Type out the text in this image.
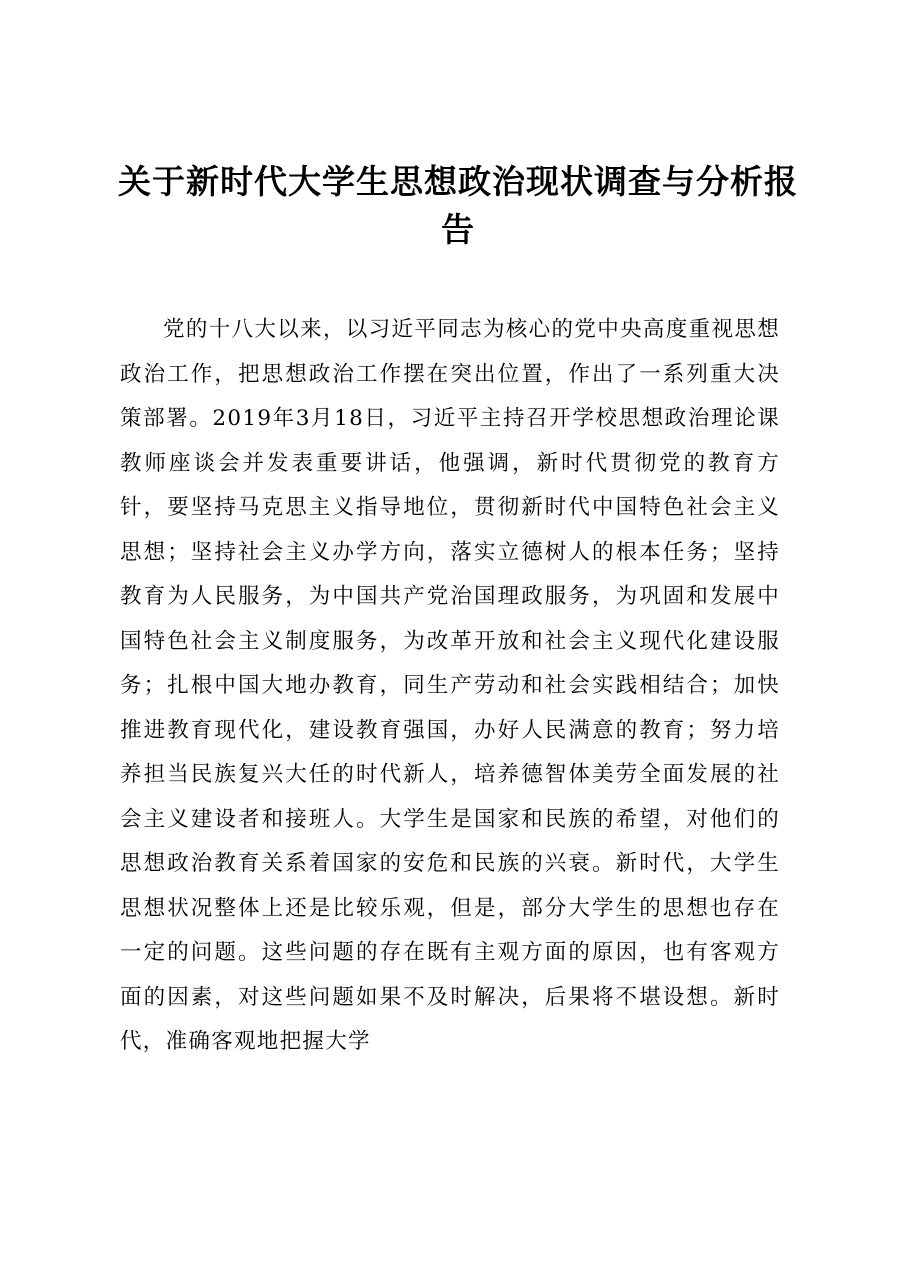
关于新时代大学生思想政治现状调查与分析报告

党的十八大以来，以习近平同志为核心的党中央高度重视思想政治工作，把思想政治工作摆在突出位置，作出了一系列重大决策部署。2019年3月18日，习近平主持召开学校思想政治理论课教师座谈会并发表重要讲话，他强调，新时代贯彻党的教育方针，要坚持马克思主义指导地位，贯彻新时代中国特色社会主义思想；坚持社会主义办学方向，落实立德树人的根本任务；坚持教育为人民服务，为中国共产党治国理政服务，为巩固和发展中国特色社会主义制度服务，为改革开放和社会主义现代化建设服务；扎根中国大地办教育，同生产劳动和社会实践相结合；加快推进教育现代化，建设教育强国，办好人民满意的教育；努力培养担当民族复兴大任的时代新人，培养德智体美劳全面发展的社会主义建设者和接班人。大学生是国家和民族的希望，对他们的思想政治教育关系着国家的安危和民族的兴衰。新时代，大学生思想状况整体上还是比较乐观，但是，部分大学生的思想也存在一定的问题。这些问题的存在既有主观方面的原因，也有客观方面的因素，对这些问题如果不及时解决，后果将不堪设想。新时代，准确客观地把握大学
